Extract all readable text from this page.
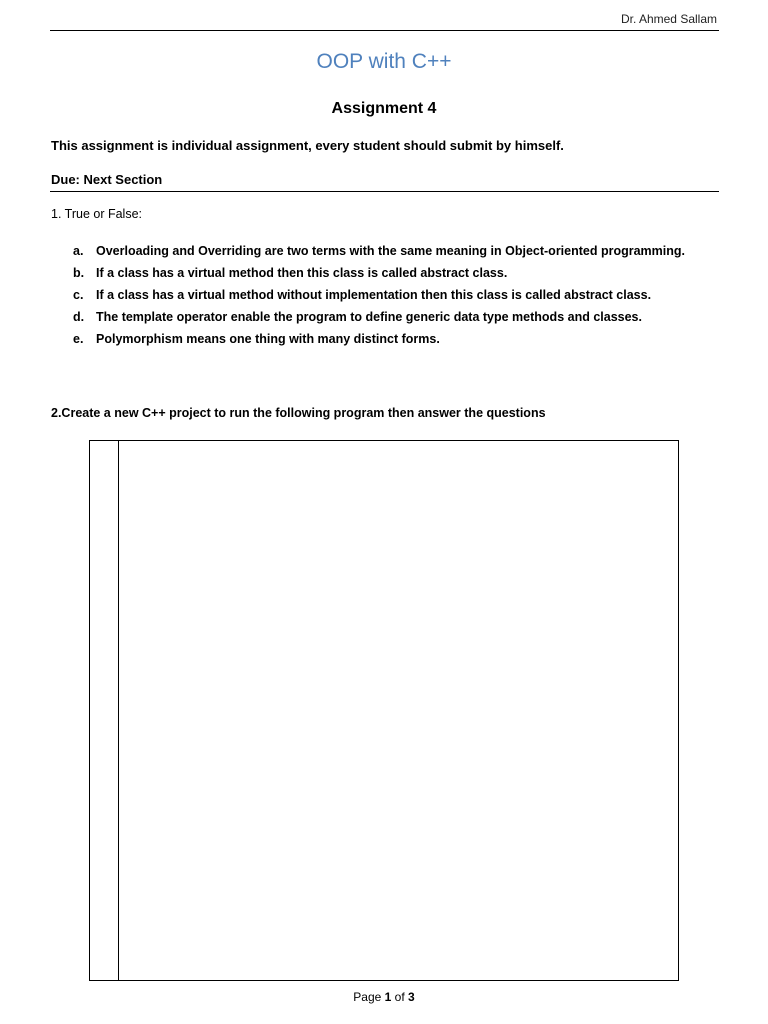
Dr. Ahmed Sallam
OOP with C++
Assignment 4
This assignment is individual assignment, every student should submit by himself.
Due: Next Section
1. True or False:
a. Overloading and Overriding are two terms with the same meaning in Object-oriented programming.
b. If a class has a virtual method then this class is called abstract class.
c. If a class has a virtual method without implementation then this class is called abstract class.
d. The template operator enable the program to define generic data type methods and classes.
e. Polymorphism means one thing with many distinct forms.
2.Create a new C++ project to run the following program then answer the questions
Page 1 of 3
